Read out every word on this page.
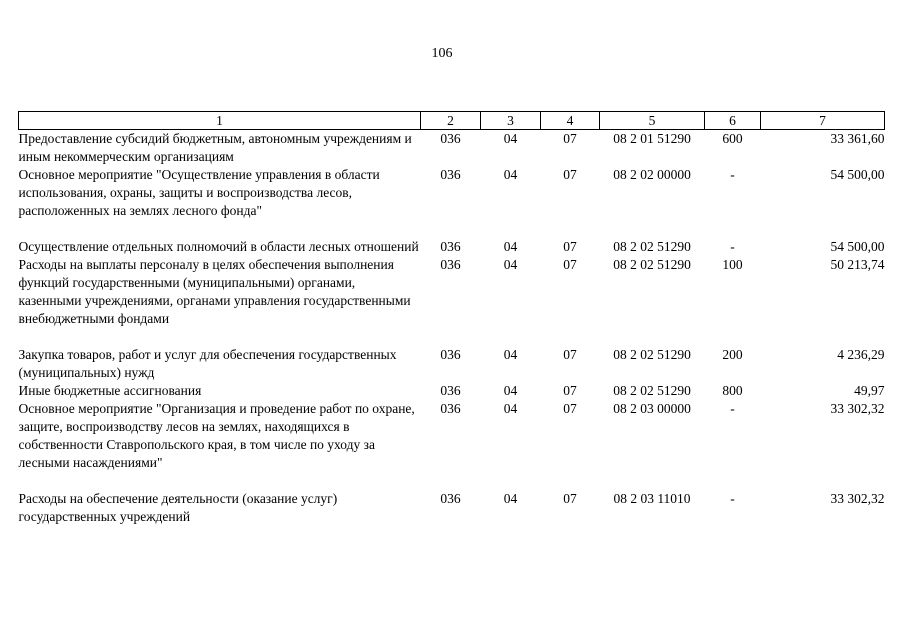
106
1	2	3	4	5	6	7
Предоставление субсидий бюджетным, автономным учреждениям и иным некоммерческим организациям	036	04	07	08 2 01 51290	600	33 361,60
Основное мероприятие "Осуществление управления в области использования, охраны, защиты и воспроизводства лесов, расположенных на землях лесного фонда"	036	04	07	08 2 02 00000	-	54 500,00
Осуществление отдельных полномочий в области лесных отношений	036	04	07	08 2 02 51290	-	54 500,00
Расходы на выплаты персоналу в целях обеспечения выполнения функций государственными (муниципальными) органами, казенными учреждениями, органами управления государственными внебюджетными фондами	036	04	07	08 2 02 51290	100	50 213,74
Закупка товаров, работ и услуг для обеспечения государственных (муниципальных) нужд	036	04	07	08 2 02 51290	200	4 236,29
Иные бюджетные ассигнования	036	04	07	08 2 02 51290	800	49,97
Основное мероприятие "Организация и проведение работ по охране, защите, воспроизводству лесов на землях, находящихся в собственности Ставропольского края, в том числе по уходу за лесными насаждениями"	036	04	07	08 2 03 00000	-	33 302,32
Расходы на обеспечение деятельности (оказание услуг) государственных учреждений	036	04	07	08 2 03 11010	-	33 302,32
